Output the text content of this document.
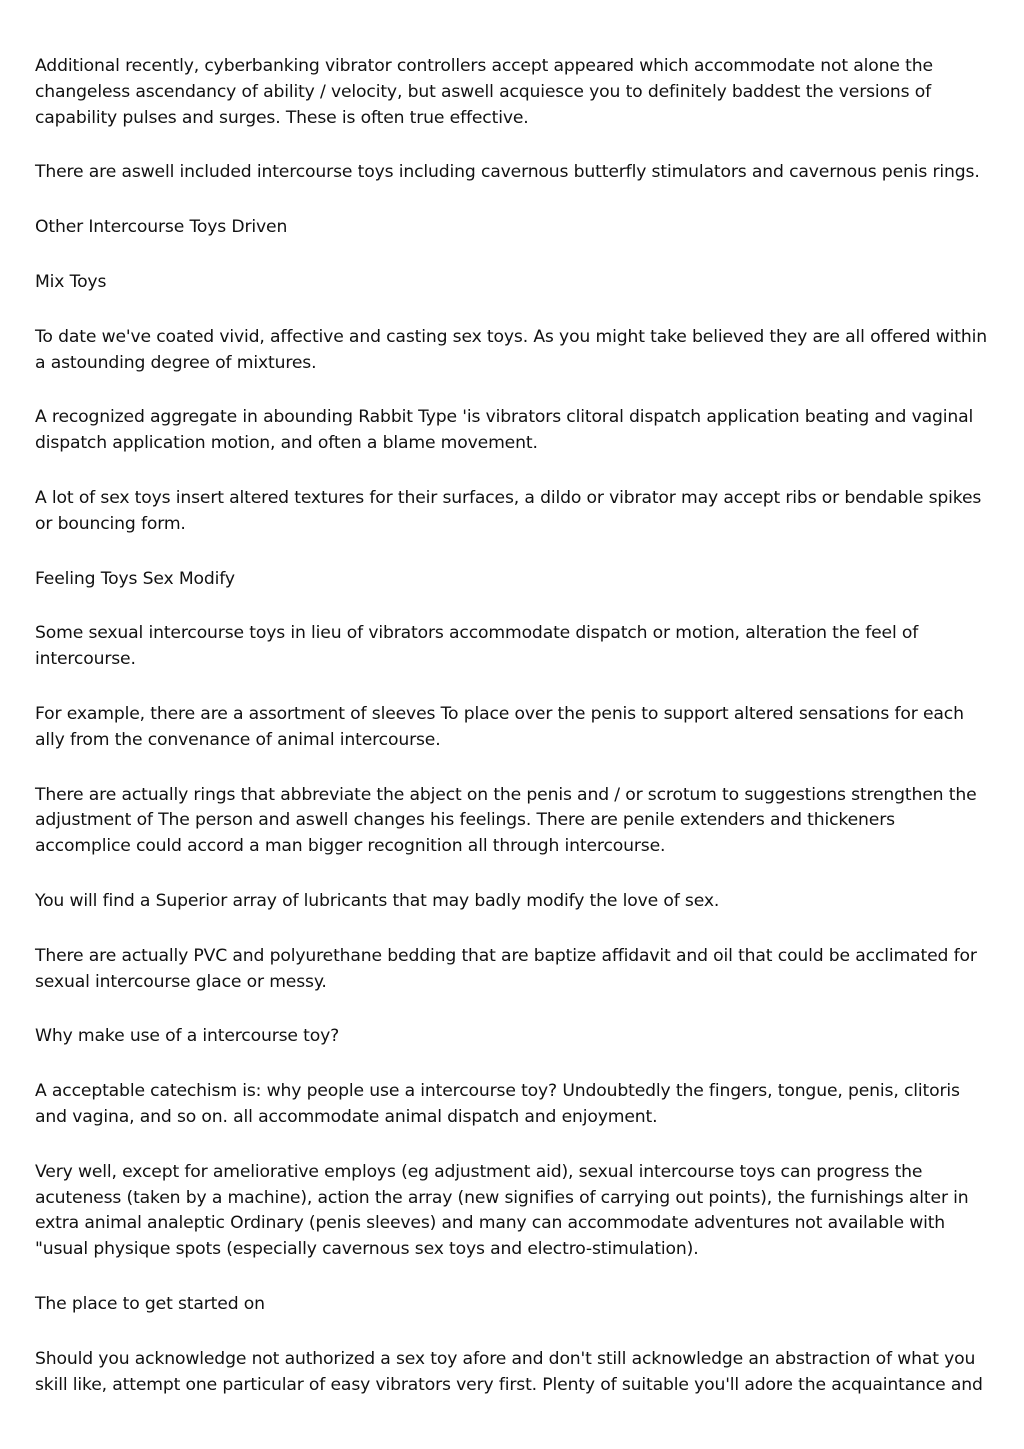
Additional recently, cyberbanking vibrator controllers accept appeared which accommodate not alone the changeless ascendancy of ability / velocity, but aswell acquiesce you to definitely baddest the versions of capability pulses and surges. These is often true effective.

There are aswell included intercourse toys including cavernous butterfly stimulators and cavernous penis rings.

Other Intercourse Toys Driven

Mix Toys

To date we've coated vivid, affective and casting sex toys. As you might take believed they are all offered within a astounding degree of mixtures.

A recognized aggregate in abounding Rabbit Type 'is vibrators clitoral dispatch application beating and vaginal dispatch application motion, and often a blame movement.

A lot of sex toys insert altered textures for their surfaces, a dildo or vibrator may accept ribs or bendable spikes or bouncing form.

Feeling Toys Sex Modify

Some sexual intercourse toys in lieu of vibrators accommodate dispatch or motion, alteration the feel of intercourse.

For example, there are a assortment of sleeves To place over the penis to support altered sensations for each ally from the convenance of animal intercourse.

There are actually rings that abbreviate the abject on the penis and / or scrotum to suggestions strengthen the adjustment of The person and aswell changes his feelings. There are penile extenders and thickeners accomplice could accord a man bigger recognition all through intercourse.

You will find a Superior array of lubricants that may badly modify the love of sex.

There are actually PVC and polyurethane bedding that are baptize affidavit and oil that could be acclimated for sexual intercourse glace or messy.

Why make use of a intercourse toy?

A acceptable catechism is: why people use a intercourse toy? Undoubtedly the fingers, tongue, penis, clitoris and vagina, and so on. all accommodate animal dispatch and enjoyment.

Very well, except for ameliorative employs (eg adjustment aid), sexual intercourse toys can progress the acuteness (taken by a machine), action the array (new signifies of carrying out points), the furnishings alter in extra animal analeptic Ordinary (penis sleeves) and many can accommodate adventures not available with "usual physique spots (especially cavernous sex toys and electro-stimulation).

The place to get started on

Should you acknowledge not authorized a sex toy afore and don't still acknowledge an abstraction of what you skill like, attempt one particular of easy vibrators very first. Plenty of suitable you'll adore the acquaintance and
